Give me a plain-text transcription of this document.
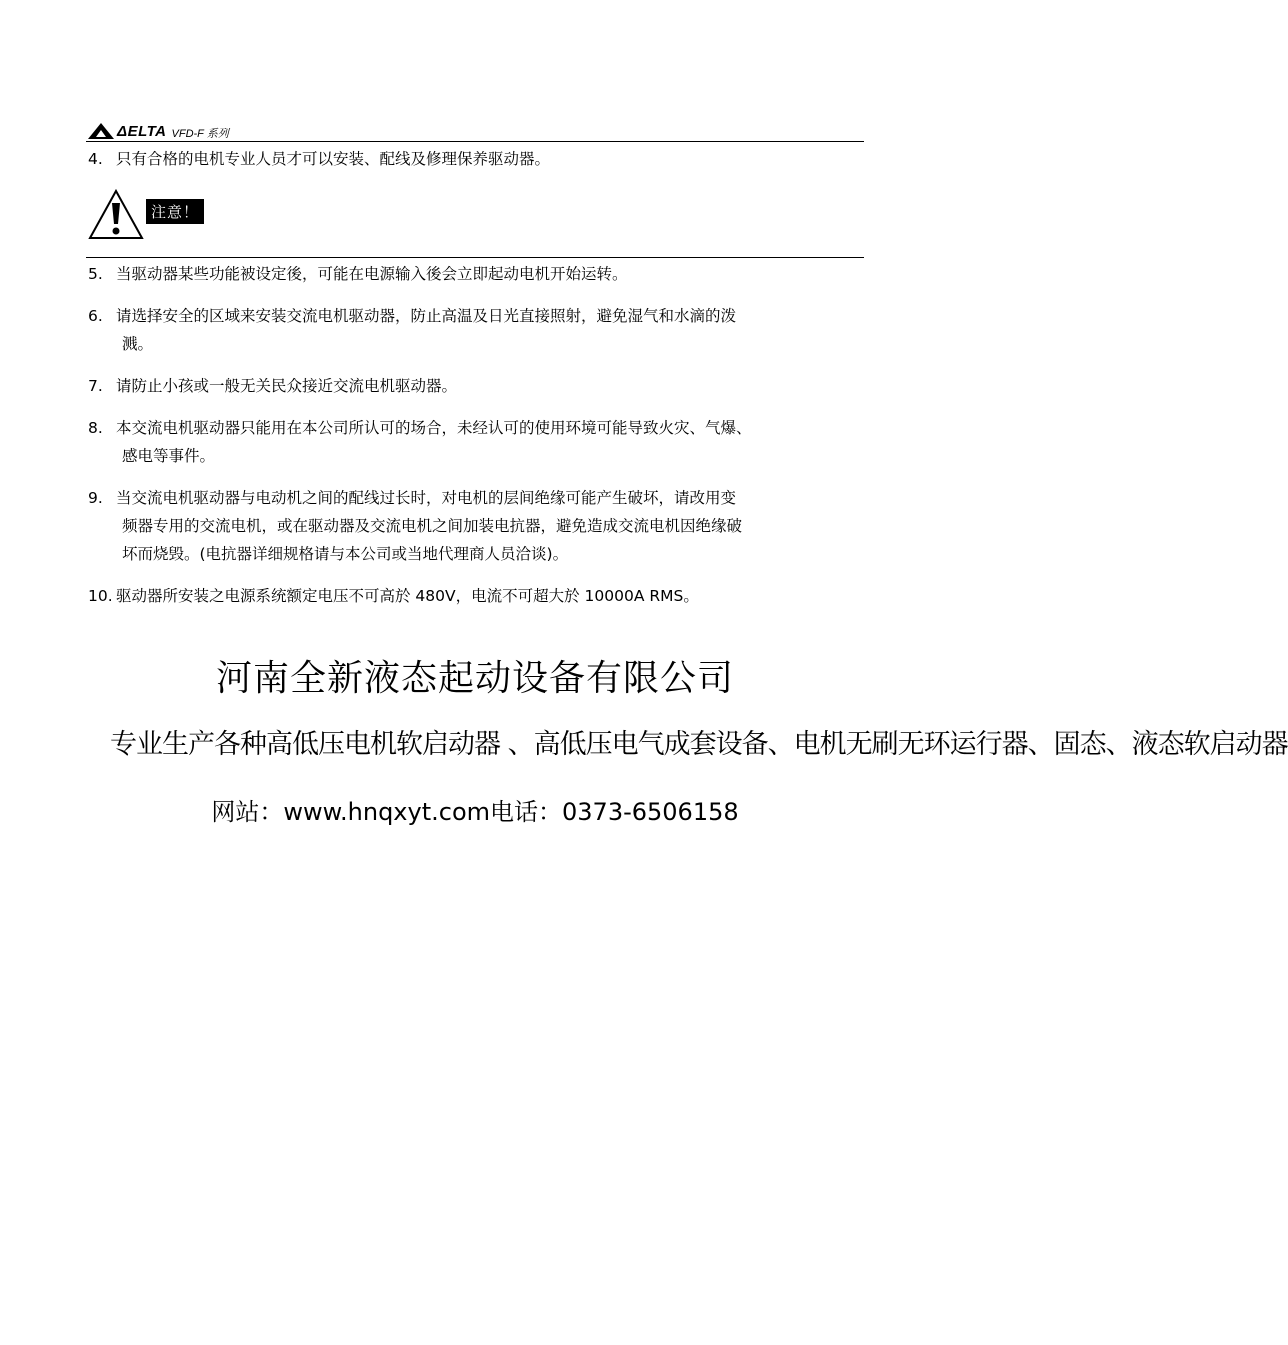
ΔELTA VFD-F 系列
4. 只有合格的电机专业人员才可以安装、配线及修理保养驱动器。
注意！
5. 当驱动器某些功能被设定後，可能在电源输入後会立即起动电机开始运转。
6. 请选择安全的区域来安装交流电机驱动器，防止高温及日光直接照射，避免湿气和水滴的泼
溅。
7. 请防止小孩或一般无关民众接近交流电机驱动器。
8. 本交流电机驱动器只能用在本公司所认可的场合，未经认可的使用环境可能导致火灾、气爆、
感电等事件。
9. 当交流电机驱动器与电动机之间的配线过长时，对电机的层间绝缘可能产生破坏，请改用变
频器专用的交流电机，或在驱动器及交流电机之间加装电抗器，避免造成交流电机因绝缘破
坏而烧毁。(电抗器详细规格请与本公司或当地代理商人员洽谈)。
10. 驱动器所安装之电源系统额定电压不可高於 480V，电流不可超大於 10000A RMS。
河南全新液态起动设备有限公司
专业生产各种高低压电机软启动器 、高低压电气成套设备、电机无刷无环运行器、固态、液态软启动器
网站：www.hnqxyt.com电话：0373-6506158
